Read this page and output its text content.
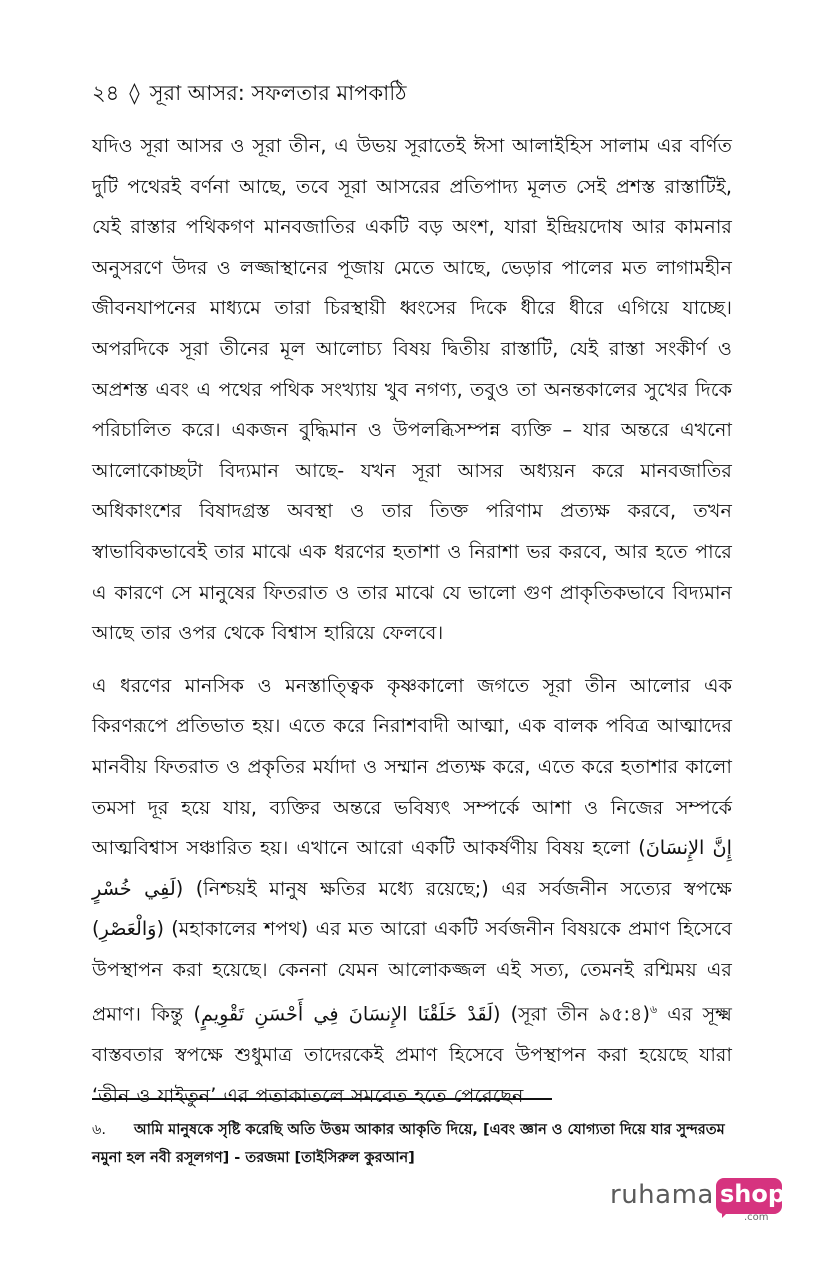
২৪ ◊ সূরা আসর: সফলতার মাপকাঠি

যদিও সূরা আসর ও সূরা তীন, এ উভয় সূরাতেই ঈসা আলাইহিস সালাম এর বর্ণিত দুটি পথেরই বর্ণনা আছে, তবে সূরা আসরের প্রতিপাদ্য মূলত সেই প্রশস্ত রাস্তাটিই, যেই রাস্তার পথিকগণ মানবজাতির একটি বড় অংশ, যারা ইন্দ্রিয়দোষ আর কামনার অনুসরণে উদর ও লজ্জাস্থানের পূজায় মেতে আছে, ভেড়ার পালের মত লাগামহীন জীবনযাপনের মাধ্যমে তারা চিরস্থায়ী ধ্বংসের দিকে ধীরে ধীরে এগিয়ে যাচ্ছে। অপরদিকে সূরা তীনের মূল আলোচ্য বিষয় দ্বিতীয় রাস্তাটি, যেই রাস্তা সংকীর্ণ ও অপ্রশস্ত এবং এ পথের পথিক সংখ্যায় খুব নগণ্য, তবুও তা অনন্তকালের সুখের দিকে পরিচালিত করে। একজন বুদ্ধিমান ও উপলব্ধিসম্পন্ন ব্যক্তি – যার অন্তরে এখনো আলোকোচ্ছটা বিদ্যমান আছে- যখন সূরা আসর অধ্যয়ন করে মানবজাতির অধিকাংশের বিষাদগ্রস্ত অবস্থা ও তার তিক্ত পরিণাম প্রত্যক্ষ করবে, তখন স্বাভাবিকভাবেই তার মাঝে এক ধরণের হতাশা ও নিরাশা ভর করবে, আর হতে পারে এ কারণে সে মানুষের ফিতরাত ও তার মাঝে যে ভালো গুণ প্রাকৃতিকভাবে বিদ্যমান আছে তার ওপর থেকে বিশ্বাস হারিয়ে ফেলবে।

এ ধরণের মানসিক ও মনস্তাত্ত্বিক কৃষ্ণকালো জগতে সূরা তীন আলোর এক কিরণরূপে প্রতিভাত হয়। এতে করে নিরাশবাদী আত্মা, এক বালক পবিত্র আত্মাদের মানবীয় ফিতরাত ও প্রকৃতির মর্যাদা ও সম্মান প্রত্যক্ষ করে, এতে করে হতাশার কালো তমসা দূর হয়ে যায়, ব্যক্তির অন্তরে ভবিষ্যৎ সম্পর্কে আশা ও নিজের সম্পর্কে আত্মবিশ্বাস সঞ্চারিত হয়। এখানে আরো একটি আকর্ষণীয় বিষয় হলো (إِنَّ الإِنسَانَ لَفِي خُسْرٍ) (নিশ্চয়ই মানুষ ক্ষতির মধ্যে রয়েছে;) এর সর্বজনীন সত্যের স্বপক্ষে (وَالْعَصْرِ) (মহাকালের শপথ) এর মত আরো একটি সর্বজনীন বিষয়কে প্রমাণ হিসেবে উপস্থাপন করা হয়েছে। কেননা যেমন আলোকজ্জল এই সত্য, তেমনই রশ্মিময় এর প্রমাণ। কিন্তু (لَقَدْ خَلَقْنَا الإِنسَانَ فِي أَحْسَنِ تَقْوِيمٍ) (সূরা তীন ৯৫:৪)$^৬$ এর সূক্ষ্ম বাস্তবতার স্বপক্ষে শুধুমাত্র তাদেরকেই প্রমাণ হিসেবে উপস্থাপন করা হয়েছে যারা ‘তীন ও যাইতুন’ এর পতাকাতলে সমবেত হতে পেরেছেন

৬. আমি মানুষকে সৃষ্টি করেছি অতি উত্তম আকার আকৃতি দিয়ে, [এবং জ্ঞান ও যোগ্যতা দিয়ে যার সুন্দরতম নমুনা হল নবী রসূলগণ] - তরজমা [তাইসিরুল কুরআন]
ruhama shop
.com
